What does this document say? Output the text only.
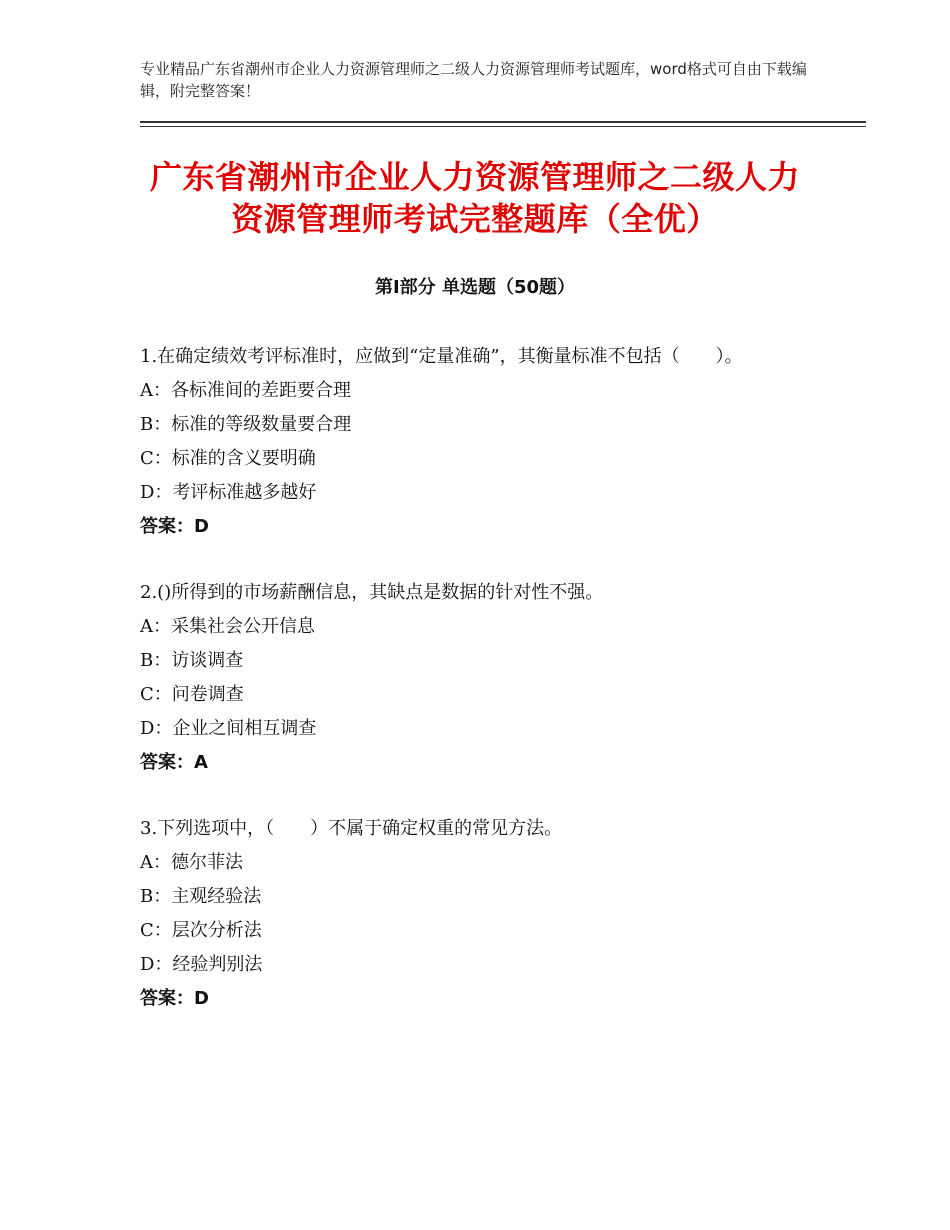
专业精品广东省潮州市企业人力资源管理师之二级人力资源管理师考试题库，word格式可自由下载编辑，附完整答案！
广东省潮州市企业人力资源管理师之二级人力资源管理师考试完整题库（全优）
第Ⅰ部分 单选题（50题）

1.在确定绩效考评标准时，应做到“定量准确”，其衡量标准不包括（　　）。

A：各标准间的差距要合理

B：标准的等级数量要合理

C：标准的含义要明确

D：考评标准越多越好

答案：D

2.()所得到的市场薪酬信息，其缺点是数据的针对性不强。

A：采集社会公开信息

B：访谈调查

C：问卷调查

D：企业之间相互调查

答案：A

3.下列选项中，（　　）不属于确定权重的常见方法。

A：德尔菲法

B：主观经验法

C：层次分析法

D：经验判别法

答案：D
